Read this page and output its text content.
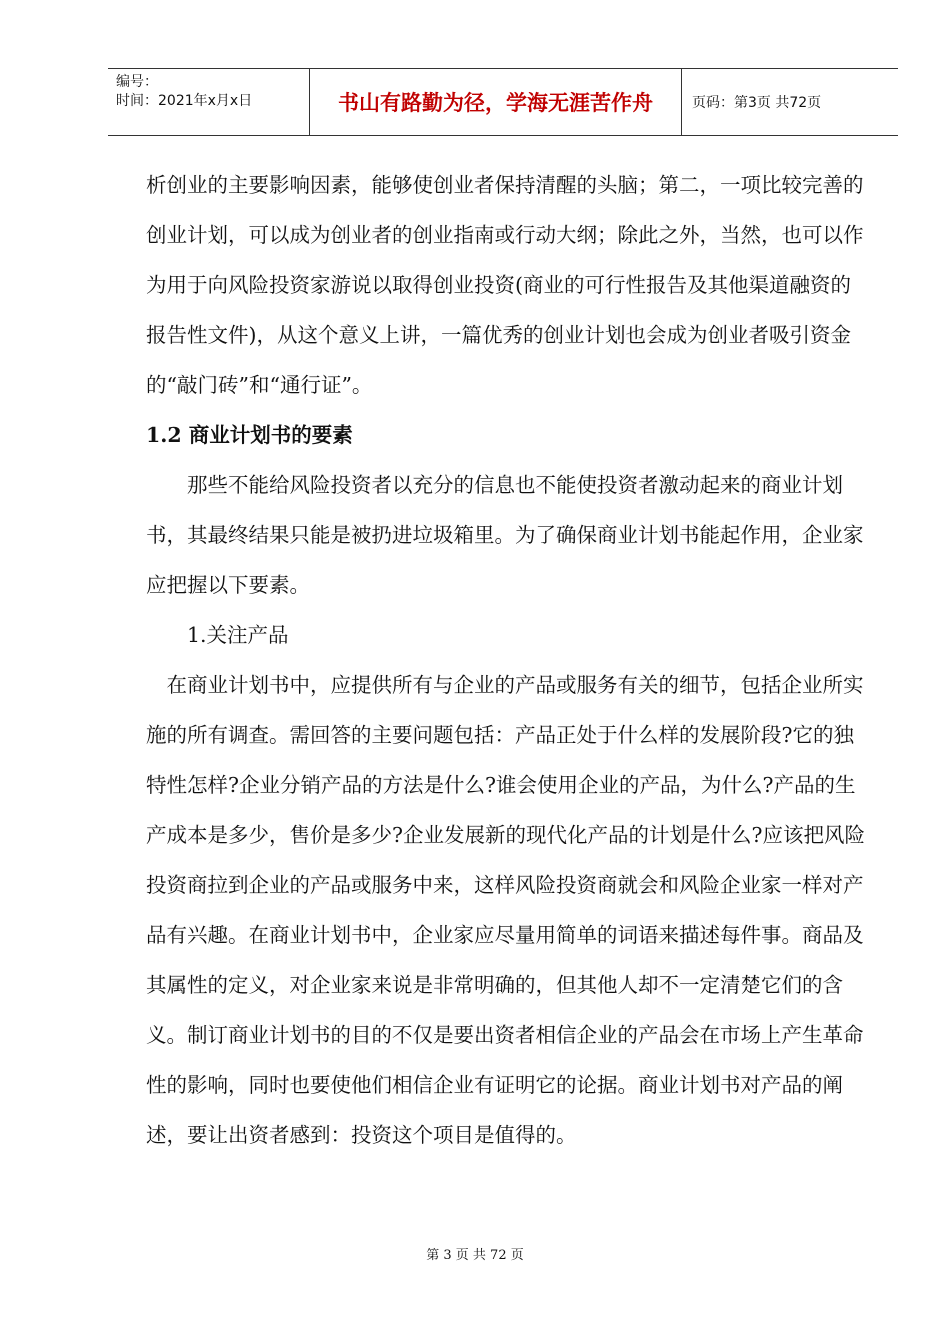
编号：
时间：2021年x月x日	书山有路勤为径，学海无涯苦作舟	页码：第3页 共72页

析创业的主要影响因素，能够使创业者保持清醒的头脑；第二，一项比较完善的创业计划，可以成为创业者的创业指南或行动大纲；除此之外，当然，也可以作为用于向风险投资家游说以取得创业投资(商业的可行性报告及其他渠道融资的报告性文件)，从这个意义上讲，一篇优秀的创业计划也会成为创业者吸引资金的“敲门砖”和“通行证”。

1.2 商业计划书的要素

那些不能给风险投资者以充分的信息也不能使投资者激动起来的商业计划书，其最终结果只能是被扔进垃圾箱里。为了确保商业计划书能起作用，企业家应把握以下要素。

1.关注产品

在商业计划书中，应提供所有与企业的产品或服务有关的细节，包括企业所实施的所有调查。需回答的主要问题包括：产品正处于什么样的发展阶段?它的独特性怎样?企业分销产品的方法是什么?谁会使用企业的产品，为什么?产品的生产成本是多少，售价是多少?企业发展新的现代化产品的计划是什么?应该把风险投资商拉到企业的产品或服务中来，这样风险投资商就会和风险企业家一样对产品有兴趣。在商业计划书中，企业家应尽量用简单的词语来描述每件事。商品及其属性的定义，对企业家来说是非常明确的，但其他人却不一定清楚它们的含义。制订商业计划书的目的不仅是要出资者相信企业的产品会在市场上产生革命性的影响，同时也要使他们相信企业有证明它的论据。商业计划书对产品的阐述，要让出资者感到：投资这个项目是值得的。

第 3 页 共 72 页
